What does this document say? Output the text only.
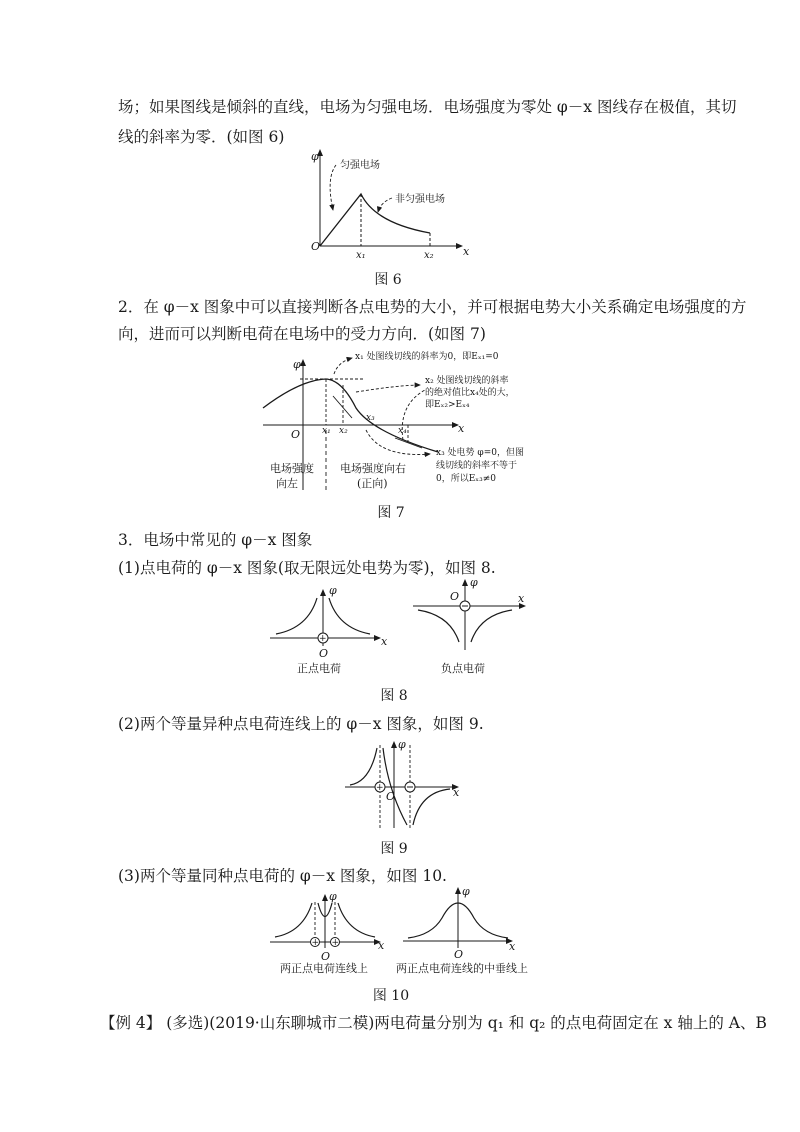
场；如果图线是倾斜的直线，电场为匀强电场．电场强度为零处 φ－x 图线存在极值，其切
线的斜率为零．(如图 6)
φ
x
O
x₁	x₂
匀强电场
非匀强电场
图 6
2．在 φ－x 图象中可以直接判断各点电势的大小，并可根据电势大小关系确定电场强度的方
向，进而可以判断电荷在电场中的受力方向．(如图 7)
φ
x
O x₁ x₂
x₃
x₄
x₁ 处图线切线的斜率为0，即Eₓ₁=0
x₂ 处图线切线的斜率
的绝对值比x₄处的大，
即Eₓ₂>Eₓ₄
x₃ 处电势 φ=0，但图
线切线的斜率不等于
0，所以Eₓ₃≠0
电场强度
向左
电场强度向右
(正向)
图 7
3．电场中常见的 φ－x 图象
(1)点电荷的 φ－x 图象(取无限远处电势为零)，如图 8.
+
φ
x
O
正点电荷
φ
x
O
负点电荷
图 8
(2)两个等量异种点电荷连线上的 φ－x 图象，如图 9.
+
φ
x
O
图 9
(3)两个等量同种点电荷的 φ－x 图象，如图 10.
+ +
φ
x
O
两正点电荷连线上
φ
x
O
两正点电荷连线的中垂线上
图 10
【例 4】 (多选)(2019·山东聊城市二模)两电荷量分别为 q₁ 和 q₂ 的点电荷固定在 x 轴上的 A、B
